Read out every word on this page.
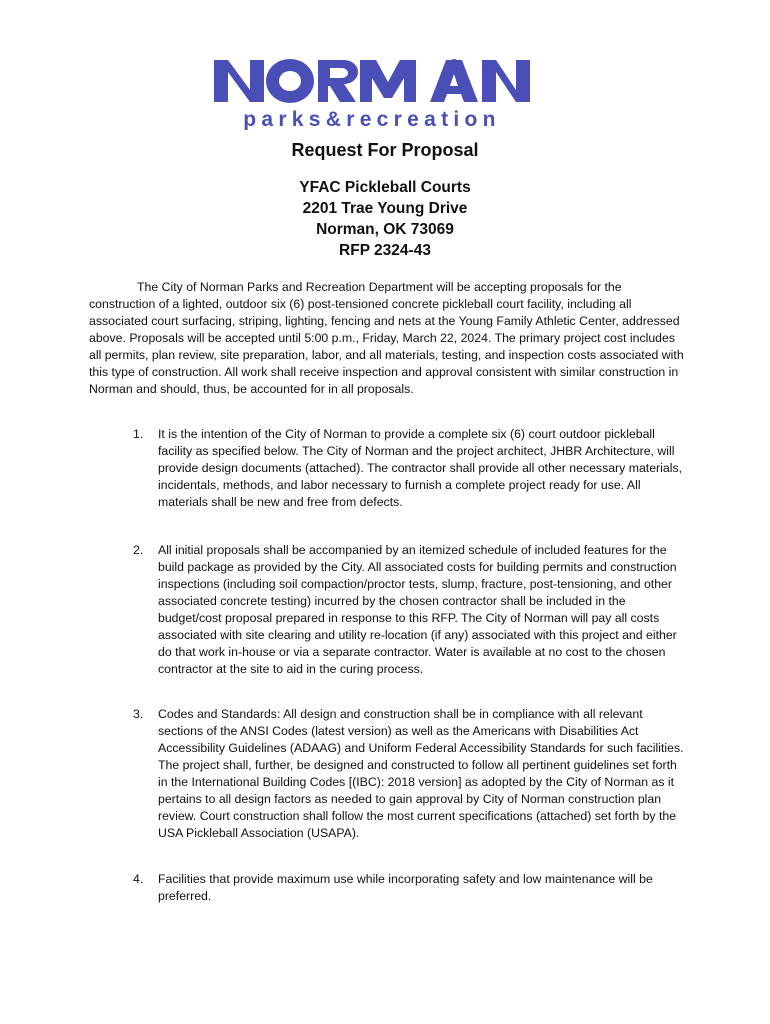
parks&recreation
Request For Proposal
YFAC Pickleball Courts
2201 Trae Young Drive
Norman, OK 73069
RFP 2324-43

The City of Norman Parks and Recreation Department will be accepting proposals for the construction of a lighted, outdoor six (6) post-tensioned concrete pickleball court facility, including all associated court surfacing, striping, lighting, fencing and nets at the Young Family Athletic Center, addressed above. Proposals will be accepted until 5:00 p.m., Friday, March 22, 2024. The primary project cost includes all permits, plan review, site preparation, labor, and all materials, testing, and inspection costs associated with this type of construction. All work shall receive inspection and approval consistent with similar construction in Norman and should, thus, be accounted for in all proposals.

1.	It is the intention of the City of Norman to provide a complete six (6) court outdoor pickleball facility as specified below. The City of Norman and the project architect, JHBR Architecture, will provide design documents (attached). The contractor shall provide all other necessary materials, incidentals, methods, and labor necessary to furnish a complete project ready for use. All materials shall be new and free from defects.
2.	All initial proposals shall be accompanied by an itemized schedule of included features for the build package as provided by the City. All associated costs for building permits and construction inspections (including soil compaction/proctor tests, slump, fracture, post-tensioning, and other associated concrete testing) incurred by the chosen contractor shall be included in the budget/cost proposal prepared in response to this RFP. The City of Norman will pay all costs associated with site clearing and utility re-location (if any) associated with this project and either do that work in-house or via a separate contractor. Water is available at no cost to the chosen contractor at the site to aid in the curing process.
3.	Codes and Standards: All design and construction shall be in compliance with all relevant sections of the ANSI Codes (latest version) as well as the Americans with Disabilities Act Accessibility Guidelines (ADAAG) and Uniform Federal Accessibility Standards for such facilities. The project shall, further, be designed and constructed to follow all pertinent guidelines set forth in the International Building Codes [(IBC): 2018 version] as adopted by the City of Norman as it pertains to all design factors as needed to gain approval by City of Norman construction plan review. Court construction shall follow the most current specifications (attached) set forth by the USA Pickleball Association (USAPA).
4.	Facilities that provide maximum use while incorporating safety and low maintenance will be preferred.
